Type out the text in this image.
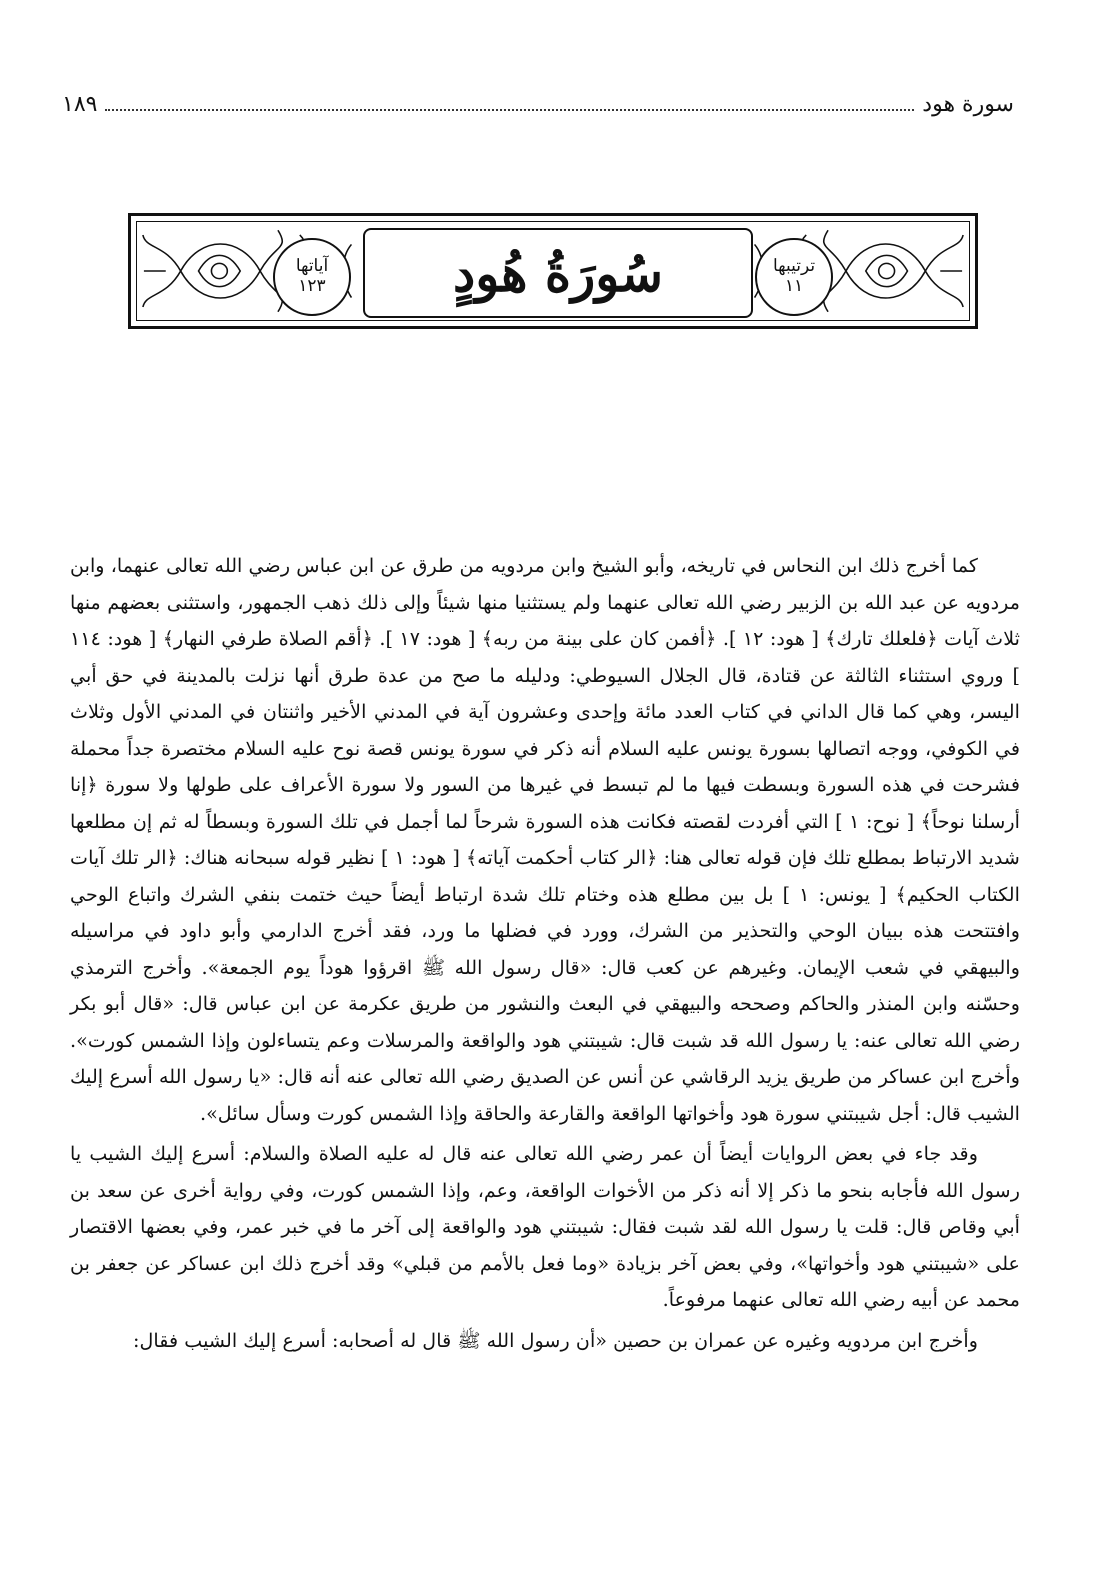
سورة هود
١٨٩
ترتيبها
١١
آياتها
١٢٣	سُورَةُ هُودٍ

كما أخرج ذلك ابن النحاس في تاريخه، وأبو الشيخ وابن مردويه من طرق عن ابن عباس رضي الله تعالى عنهما، وابن مردويه عن عبد الله بن الزبير رضي الله تعالى عنهما ولم يستثنيا منها شيئاً وإلى ذلك ذهب الجمهور، واستثنى بعضهم منها ثلاث آيات ﴿فلعلك تارك﴾ [ هود: ١٢ ]. ﴿أفمن كان على بينة من ربه﴾ [ هود: ١٧ ]. ﴿أقم الصلاة طرفي النهار﴾ [ هود: ١١٤ ] وروي استثناء الثالثة عن قتادة، قال الجلال السيوطي: ودليله ما صح من عدة طرق أنها نزلت بالمدينة في حق أبي اليسر، وهي كما قال الداني في كتاب العدد مائة وإحدى وعشرون آية في المدني الأخير واثنتان في المدني الأول وثلاث في الكوفي، ووجه اتصالها بسورة يونس عليه السلام أنه ذكر في سورة يونس قصة نوح عليه السلام مختصرة جداً محملة فشرحت في هذه السورة وبسطت فيها ما لم تبسط في غيرها من السور ولا سورة الأعراف على طولها ولا سورة ﴿إنا أرسلنا نوحاً﴾ [ نوح: ١ ] التي أفردت لقصته فكانت هذه السورة شرحاً لما أجمل في تلك السورة وبسطاً له ثم إن مطلعها شديد الارتباط بمطلع تلك فإن قوله تعالى هنا: ﴿الر كتاب أحكمت آياته﴾ [ هود: ١ ] نظير قوله سبحانه هناك: ﴿الر تلك آيات الكتاب الحكيم﴾ [ يونس: ١ ] بل بين مطلع هذه وختام تلك شدة ارتباط أيضاً حيث ختمت بنفي الشرك واتباع الوحي وافتتحت هذه ببيان الوحي والتحذير من الشرك، وورد في فضلها ما ورد، فقد أخرج الدارمي وأبو داود في مراسيله والبيهقي في شعب الإيمان. وغيرهم عن كعب قال: «قال رسول الله ﷺ اقرؤوا هوداً يوم الجمعة». وأخرج الترمذي وحسّنه وابن المنذر والحاكم وصححه والبيهقي في البعث والنشور من طريق عكرمة عن ابن عباس قال: «قال أبو بكر رضي الله تعالى عنه: يا رسول الله قد شبت قال: شيبتني هود والواقعة والمرسلات وعم يتساءلون وإذا الشمس كورت». وأخرج ابن عساكر من طريق يزيد الرقاشي عن أنس عن الصديق رضي الله تعالى عنه أنه قال: «يا رسول الله أسرع إليك الشيب قال: أجل شيبتني سورة هود وأخواتها الواقعة والقارعة والحاقة وإذا الشمس كورت وسأل سائل».

وقد جاء في بعض الروايات أيضاً أن عمر رضي الله تعالى عنه قال له عليه الصلاة والسلام: أسرع إليك الشيب يا رسول الله فأجابه بنحو ما ذكر إلا أنه ذكر من الأخوات الواقعة، وعم، وإذا الشمس كورت، وفي رواية أخرى عن سعد بن أبي وقاص قال: قلت يا رسول الله لقد شبت فقال: شيبتني هود والواقعة إلى آخر ما في خبر عمر، وفي بعضها الاقتصار على «شيبتني هود وأخواتها»، وفي بعض آخر بزيادة «وما فعل بالأمم من قبلي» وقد أخرج ذلك ابن عساكر عن جعفر بن محمد عن أبيه رضي الله تعالى عنهما مرفوعاً.

وأخرج ابن مردويه وغيره عن عمران بن حصين «أن رسول الله ﷺ قال له أصحابه: أسرع إليك الشيب فقال:
